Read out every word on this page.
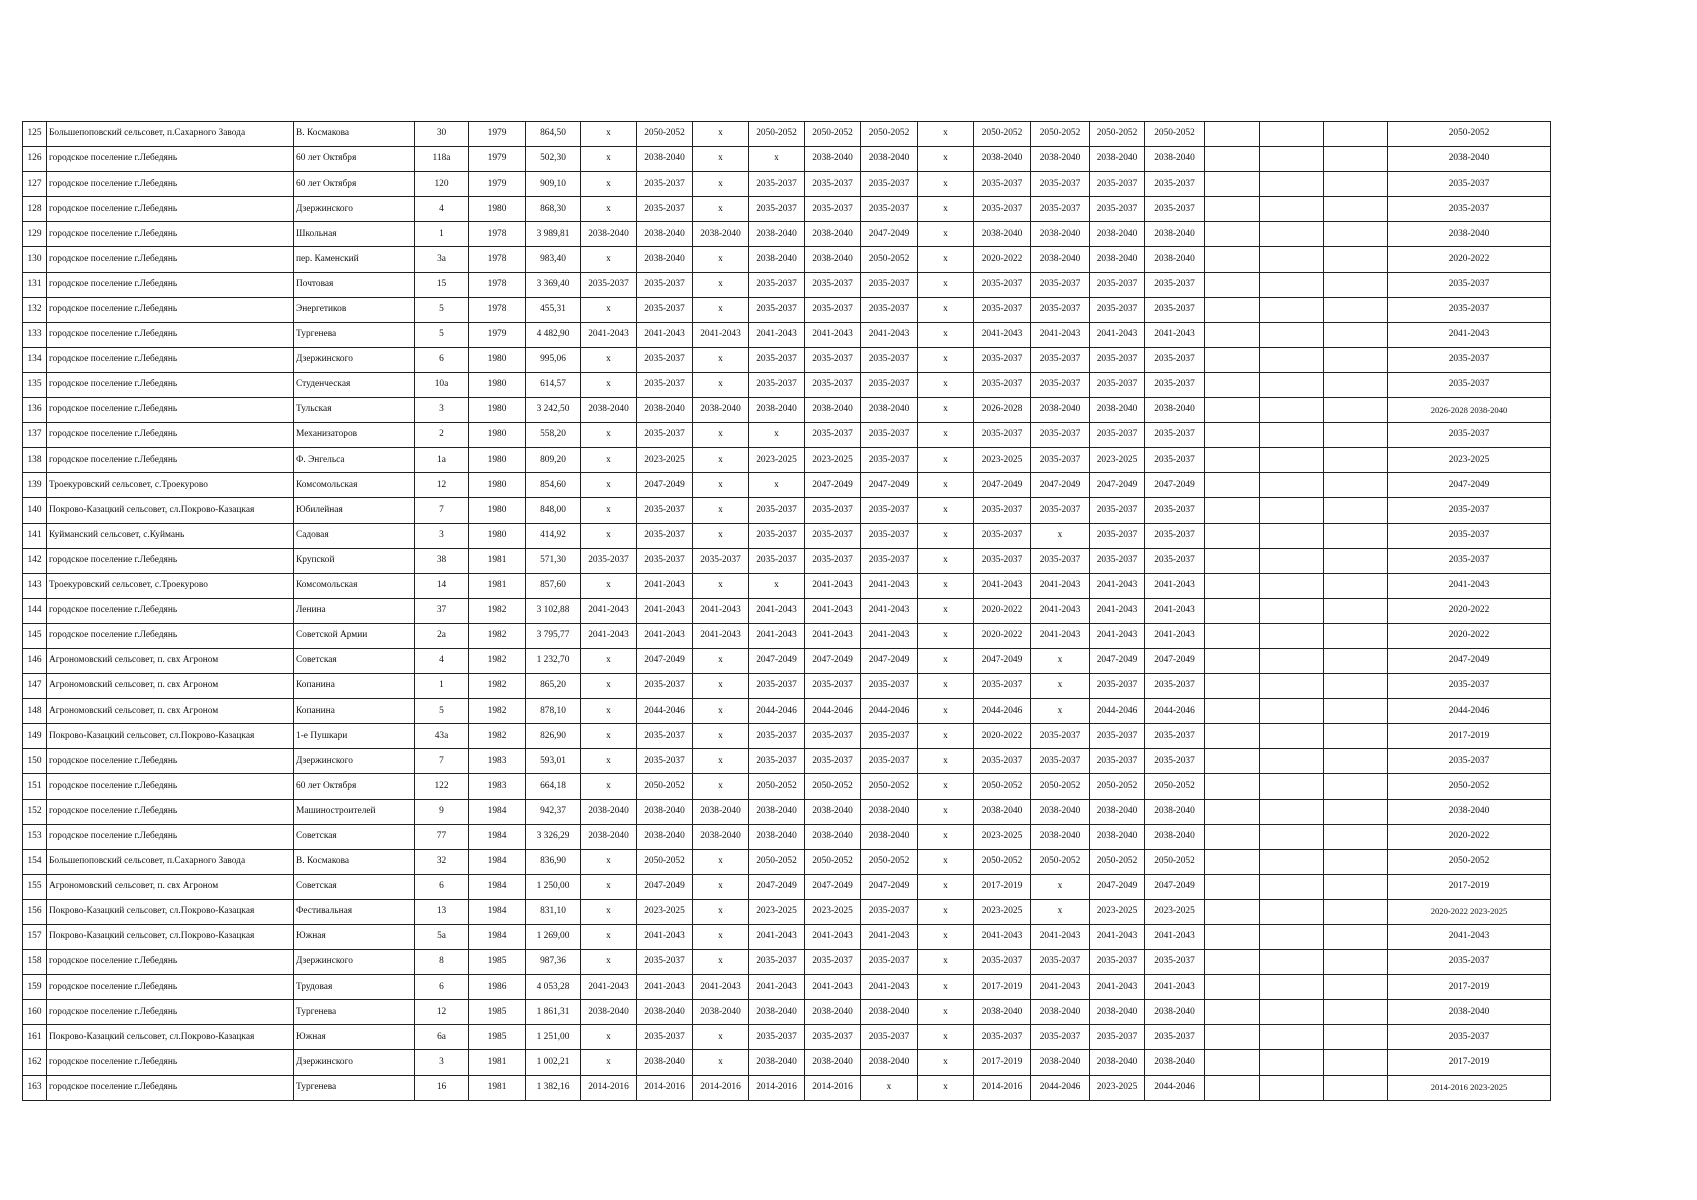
125	Большепоповский сельсовет, п.Сахарного Завода	В. Космакова	30	1979	864,50	x	2050-2052	x	2050-2052	2050-2052	2050-2052	x	2050-2052	2050-2052	2050-2052	2050-2052				2050-2052
126	городское поселение г.Лебедянь	60 лет Октября	118а	1979	502,30	x	2038-2040	x	x	2038-2040	2038-2040	x	2038-2040	2038-2040	2038-2040	2038-2040				2038-2040
127	городское поселение г.Лебедянь	60 лет Октября	120	1979	909,10	x	2035-2037	x	2035-2037	2035-2037	2035-2037	x	2035-2037	2035-2037	2035-2037	2035-2037				2035-2037
128	городское поселение г.Лебедянь	Дзержинского	4	1980	868,30	x	2035-2037	x	2035-2037	2035-2037	2035-2037	x	2035-2037	2035-2037	2035-2037	2035-2037				2035-2037
129	городское поселение г.Лебедянь	Школьная	1	1978	3 989,81	2038-2040	2038-2040	2038-2040	2038-2040	2038-2040	2047-2049	x	2038-2040	2038-2040	2038-2040	2038-2040				2038-2040
130	городское поселение г.Лебедянь	пер. Каменский	3а	1978	983,40	x	2038-2040	x	2038-2040	2038-2040	2050-2052	x	2020-2022	2038-2040	2038-2040	2038-2040				2020-2022
131	городское поселение г.Лебедянь	Почтовая	15	1978	3 369,40	2035-2037	2035-2037	x	2035-2037	2035-2037	2035-2037	x	2035-2037	2035-2037	2035-2037	2035-2037				2035-2037
132	городское поселение г.Лебедянь	Энергетиков	5	1978	455,31	x	2035-2037	x	2035-2037	2035-2037	2035-2037	x	2035-2037	2035-2037	2035-2037	2035-2037				2035-2037
133	городское поселение г.Лебедянь	Тургенева	5	1979	4 482,90	2041-2043	2041-2043	2041-2043	2041-2043	2041-2043	2041-2043	x	2041-2043	2041-2043	2041-2043	2041-2043				2041-2043
134	городское поселение г.Лебедянь	Дзержинского	6	1980	995,06	x	2035-2037	x	2035-2037	2035-2037	2035-2037	x	2035-2037	2035-2037	2035-2037	2035-2037				2035-2037
135	городское поселение г.Лебедянь	Студенческая	10а	1980	614,57	x	2035-2037	x	2035-2037	2035-2037	2035-2037	x	2035-2037	2035-2037	2035-2037	2035-2037				2035-2037
136	городское поселение г.Лебедянь	Тульская	3	1980	3 242,50	2038-2040	2038-2040	2038-2040	2038-2040	2038-2040	2038-2040	x	2026-2028	2038-2040	2038-2040	2038-2040				2026-2028 2038-2040
137	городское поселение г.Лебедянь	Механизаторов	2	1980	558,20	x	2035-2037	x	x	2035-2037	2035-2037	x	2035-2037	2035-2037	2035-2037	2035-2037				2035-2037
138	городское поселение г.Лебедянь	Ф. Энгельса	1а	1980	809,20	x	2023-2025	x	2023-2025	2023-2025	2035-2037	x	2023-2025	2035-2037	2023-2025	2035-2037				2023-2025
139	Троекуровский сельсовет, с.Троекурово	Комсомольская	12	1980	854,60	x	2047-2049	x	x	2047-2049	2047-2049	x	2047-2049	2047-2049	2047-2049	2047-2049				2047-2049
140	Покрово-Казацкий сельсовет, сл.Покрово-Казацкая	Юбилейная	7	1980	848,00	x	2035-2037	x	2035-2037	2035-2037	2035-2037	x	2035-2037	2035-2037	2035-2037	2035-2037				2035-2037
141	Куйманский сельсовет, с.Куймань	Садовая	3	1980	414,92	x	2035-2037	x	2035-2037	2035-2037	2035-2037	x	2035-2037	x	2035-2037	2035-2037				2035-2037
142	городское поселение г.Лебедянь	Крупской	38	1981	571,30	2035-2037	2035-2037	2035-2037	2035-2037	2035-2037	2035-2037	x	2035-2037	2035-2037	2035-2037	2035-2037				2035-2037
143	Троекуровский сельсовет, с.Троекурово	Комсомольская	14	1981	857,60	x	2041-2043	x	x	2041-2043	2041-2043	x	2041-2043	2041-2043	2041-2043	2041-2043				2041-2043
144	городское поселение г.Лебедянь	Ленина	37	1982	3 102,88	2041-2043	2041-2043	2041-2043	2041-2043	2041-2043	2041-2043	x	2020-2022	2041-2043	2041-2043	2041-2043				2020-2022
145	городское поселение г.Лебедянь	Советской Армии	2а	1982	3 795,77	2041-2043	2041-2043	2041-2043	2041-2043	2041-2043	2041-2043	x	2020-2022	2041-2043	2041-2043	2041-2043				2020-2022
146	Агрономовский сельсовет, п. свх Агроном	Советская	4	1982	1 232,70	x	2047-2049	x	2047-2049	2047-2049	2047-2049	x	2047-2049	x	2047-2049	2047-2049				2047-2049
147	Агрономовский сельсовет, п. свх Агроном	Копанина	1	1982	865,20	x	2035-2037	x	2035-2037	2035-2037	2035-2037	x	2035-2037	x	2035-2037	2035-2037				2035-2037
148	Агрономовский сельсовет, п. свх Агроном	Копанина	5	1982	878,10	x	2044-2046	x	2044-2046	2044-2046	2044-2046	x	2044-2046	x	2044-2046	2044-2046				2044-2046
149	Покрово-Казацкий сельсовет, сл.Покрово-Казацкая	1-е Пушкари	43а	1982	826,90	x	2035-2037	x	2035-2037	2035-2037	2035-2037	x	2020-2022	2035-2037	2035-2037	2035-2037				2017-2019
150	городское поселение г.Лебедянь	Дзержинского	7	1983	593,01	x	2035-2037	x	2035-2037	2035-2037	2035-2037	x	2035-2037	2035-2037	2035-2037	2035-2037				2035-2037
151	городское поселение г.Лебедянь	60 лет Октября	122	1983	664,18	x	2050-2052	x	2050-2052	2050-2052	2050-2052	x	2050-2052	2050-2052	2050-2052	2050-2052				2050-2052
152	городское поселение г.Лебедянь	Машиностроителей	9	1984	942,37	2038-2040	2038-2040	2038-2040	2038-2040	2038-2040	2038-2040	x	2038-2040	2038-2040	2038-2040	2038-2040				2038-2040
153	городское поселение г.Лебедянь	Советская	77	1984	3 326,29	2038-2040	2038-2040	2038-2040	2038-2040	2038-2040	2038-2040	x	2023-2025	2038-2040	2038-2040	2038-2040				2020-2022
154	Большепоповский сельсовет, п.Сахарного Завода	В. Космакова	32	1984	836,90	x	2050-2052	x	2050-2052	2050-2052	2050-2052	x	2050-2052	2050-2052	2050-2052	2050-2052				2050-2052
155	Агрономовский сельсовет, п. свх Агроном	Советская	6	1984	1 250,00	x	2047-2049	x	2047-2049	2047-2049	2047-2049	x	2017-2019	x	2047-2049	2047-2049				2017-2019
156	Покрово-Казацкий сельсовет, сл.Покрово-Казацкая	Фестивальная	13	1984	831,10	x	2023-2025	x	2023-2025	2023-2025	2035-2037	x	2023-2025	x	2023-2025	2023-2025				2020-2022 2023-2025
157	Покрово-Казацкий сельсовет, сл.Покрово-Казацкая	Южная	5а	1984	1 269,00	x	2041-2043	x	2041-2043	2041-2043	2041-2043	x	2041-2043	2041-2043	2041-2043	2041-2043				2041-2043
158	городское поселение г.Лебедянь	Дзержинского	8	1985	987,36	x	2035-2037	x	2035-2037	2035-2037	2035-2037	x	2035-2037	2035-2037	2035-2037	2035-2037				2035-2037
159	городское поселение г.Лебедянь	Трудовая	6	1986	4 053,28	2041-2043	2041-2043	2041-2043	2041-2043	2041-2043	2041-2043	x	2017-2019	2041-2043	2041-2043	2041-2043				2017-2019
160	городское поселение г.Лебедянь	Тургенева	12	1985	1 861,31	2038-2040	2038-2040	2038-2040	2038-2040	2038-2040	2038-2040	x	2038-2040	2038-2040	2038-2040	2038-2040				2038-2040
161	Покрово-Казацкий сельсовет, сл.Покрово-Казацкая	Южная	6а	1985	1 251,00	x	2035-2037	x	2035-2037	2035-2037	2035-2037	x	2035-2037	2035-2037	2035-2037	2035-2037				2035-2037
162	городское поселение г.Лебедянь	Дзержинского	3	1981	1 002,21	x	2038-2040	x	2038-2040	2038-2040	2038-2040	x	2017-2019	2038-2040	2038-2040	2038-2040				2017-2019
163	городское поселение г.Лебедянь	Тургенева	16	1981	1 382,16	2014-2016	2014-2016	2014-2016	2014-2016	2014-2016	x	x	2014-2016	2044-2046	2023-2025	2044-2046				2014-2016 2023-2025
